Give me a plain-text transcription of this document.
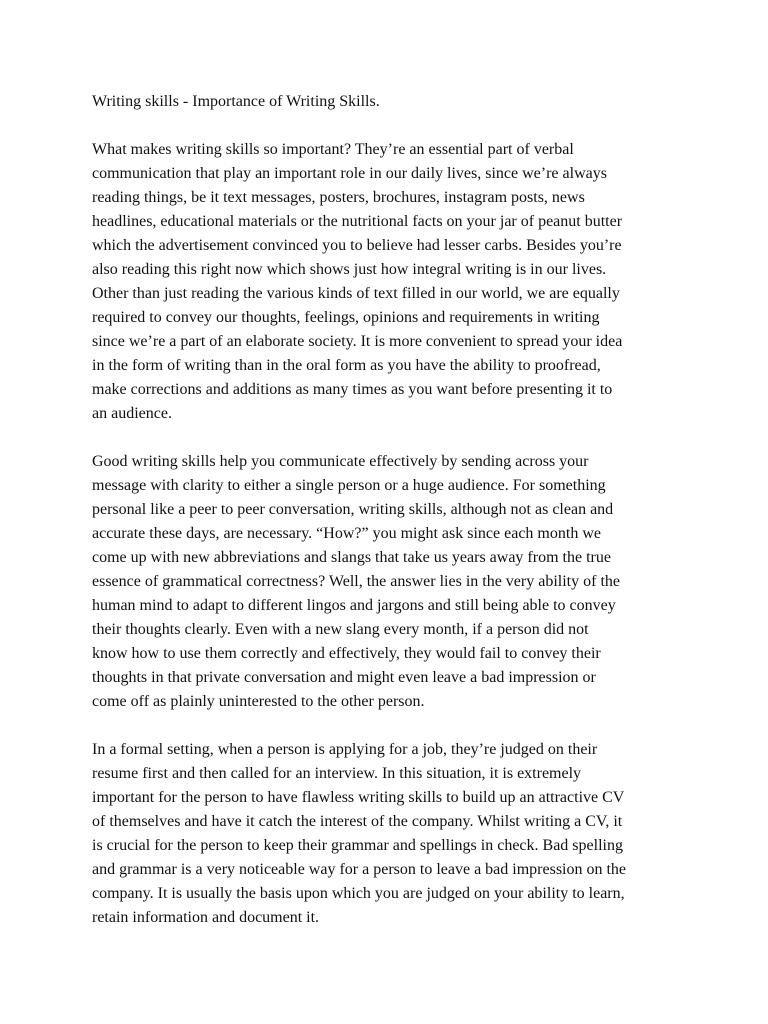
Writing skills - Importance of Writing Skills.

What makes writing skills so important? They’re an essential part of verbal
communication that play an important role in our daily lives, since we’re always
reading things, be it text messages, posters, brochures, instagram posts, news
headlines, educational materials or the nutritional facts on your jar of peanut butter
which the advertisement convinced you to believe had lesser carbs. Besides you’re
also reading this right now which shows just how integral writing is in our lives.
Other than just reading the various kinds of text filled in our world, we are equally
required to convey our thoughts, feelings, opinions and requirements in writing
since we’re a part of an elaborate society. It is more convenient to spread your idea
in the form of writing than in the oral form as you have the ability to proofread,
make corrections and additions as many times as you want before presenting it to
an audience.

Good writing skills help you communicate effectively by sending across your
message with clarity to either a single person or a huge audience. For something
personal like a peer to peer conversation, writing skills, although not as clean and
accurate these days, are necessary. “How?” you might ask since each month we
come up with new abbreviations and slangs that take us years away from the true
essence of grammatical correctness? Well, the answer lies in the very ability of the
human mind to adapt to different lingos and jargons and still being able to convey
their thoughts clearly. Even with a new slang every month, if a person did not
know how to use them correctly and effectively, they would fail to convey their
thoughts in that private conversation and might even leave a bad impression or
come off as plainly uninterested to the other person.

In a formal setting, when a person is applying for a job, they’re judged on their
resume first and then called for an interview. In this situation, it is extremely
important for the person to have flawless writing skills to build up an attractive CV
of themselves and have it catch the interest of the company. Whilst writing a CV, it
is crucial for the person to keep their grammar and spellings in check. Bad spelling
and grammar is a very noticeable way for a person to leave a bad impression on the
company. It is usually the basis upon which you are judged on your ability to learn,
retain information and document it.
